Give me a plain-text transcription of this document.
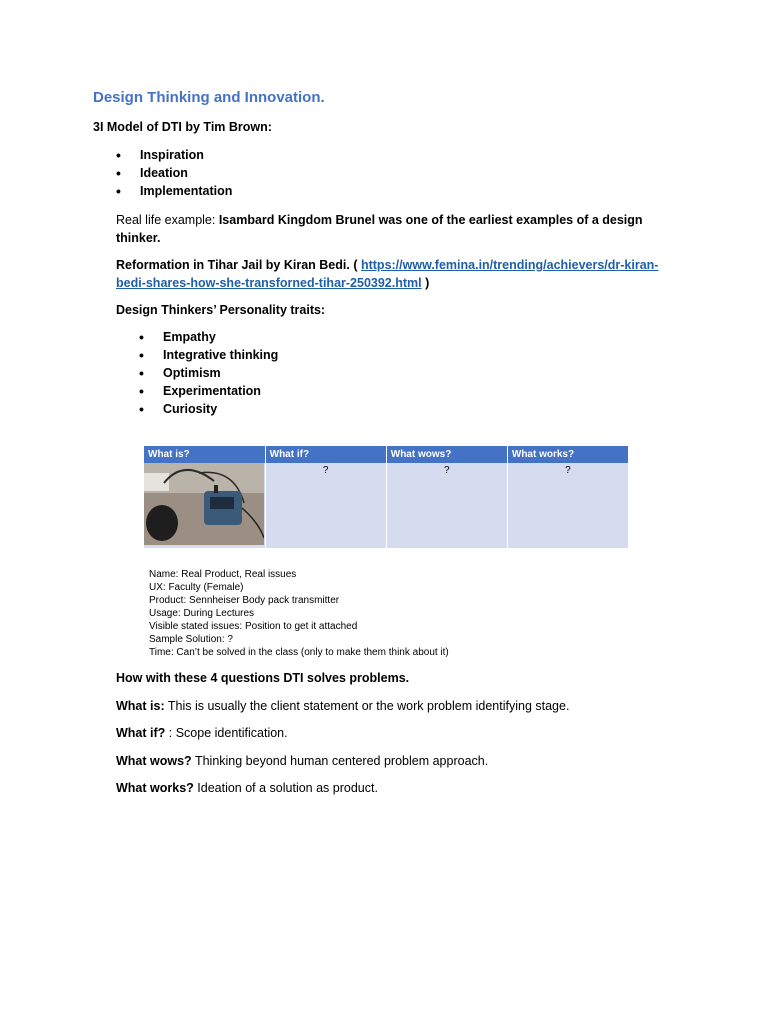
Design Thinking and Innovation.

3I Model of DTI by Tim Brown:

• Inspiration
• Ideation
• Implementation

Real life example: Isambard Kingdom Brunel was one of the earliest examples of a design thinker.

Reformation in Tihar Jail by Kiran Bedi. ( https://www.femina.in/trending/achievers/dr-kiran-bedi-shares-how-she-transforned-tihar-250392.html )

Design Thinkers’ Personality traits:

• Empathy
• Integrative thinking
• Optimism
• Experimentation
• Curiosity
What is?	What if?	What wows?	What works?

	?	?	?
Name: Real Product, Real issues
UX: Faculty (Female)
Product: Sennheiser Body pack transmitter
Usage: During Lectures
Visible stated issues: Position to get it attached
Sample Solution: ?
Time: Can’t be solved in the class (only to make them think about it)

How with these 4 questions DTI solves problems.

What is: This is usually the client statement or the work problem identifying stage.

What if? : Scope identification.

What wows? Thinking beyond human centered problem approach.

What works? Ideation of a solution as product.
